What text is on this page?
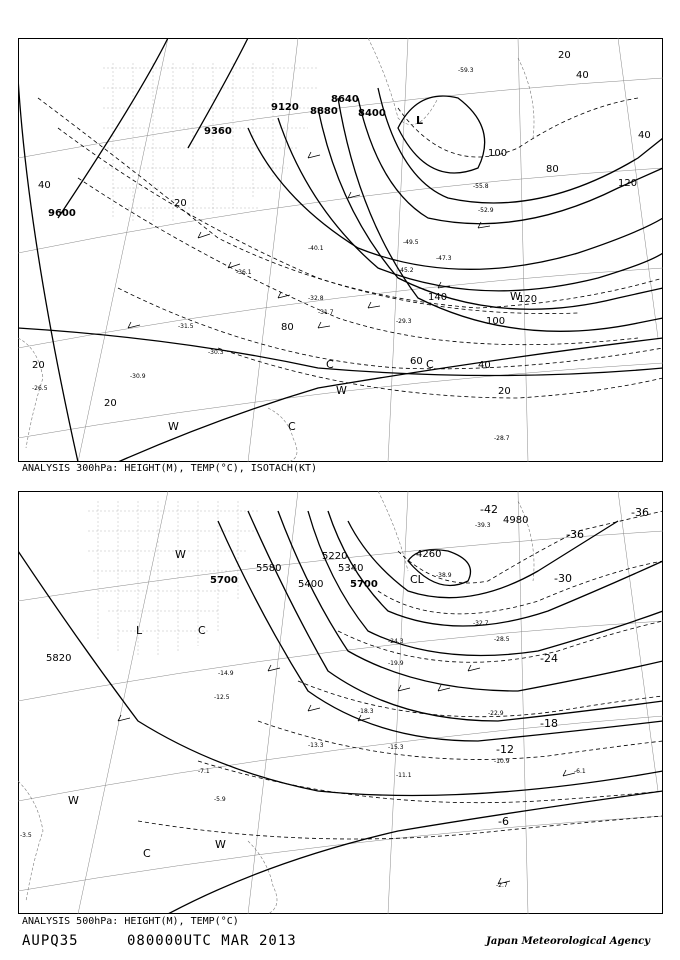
8640
8400
8880
9120
9360
9600
20
40
40
60
80
80
100
100
120
120
140
20
20
20
40
20
40
-59.3
-55.8
-52.9
-49.5
-47.3
-45.2
-40.1
-36.1
-32.8
-31.7
-31.5
-30.9
-30.3
-29.3
-28.7
-26.5
L
C	C
W
W
W
C
ANALYSIS 300hPa: HEIGHT(M), TEMP(°C), ISOTACH(KT)
4980
4260
5220
5340
5400
5580
5700	5700
5820
-42	-36
-36
-30
-24
-18
-12
-6
-39.3
-38.9
-32.7
-28.5
-24.3
-22.9
-19.9
-18.3
-15.3
-14.9
-13.3
-12.5
-11.1
-10.9
-7.1	-6.1
-5.9
-3.5
-2.7
CL
L	C
W
W
W
C
ANALYSIS 500hPa: HEIGHT(M), TEMP(°C)
AUPQ35	080000UTC MAR 2013	Japan Meteorological Agency
